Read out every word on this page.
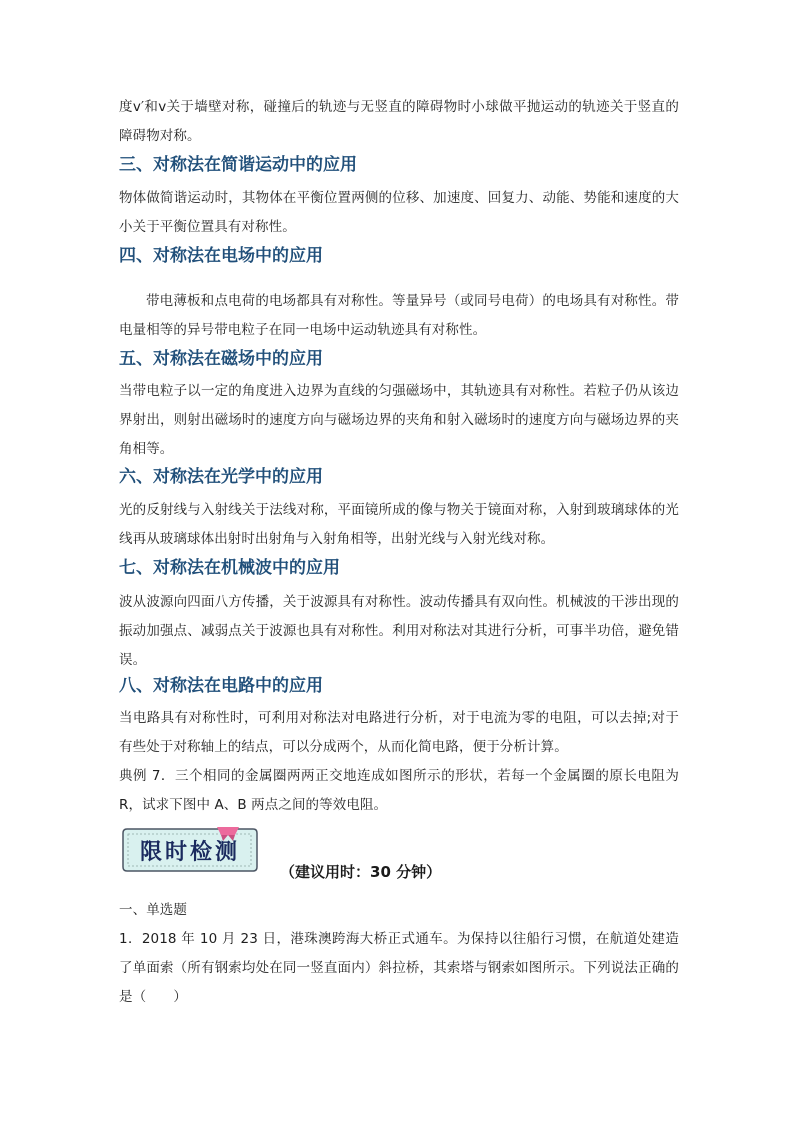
度v′和v关于墙壁对称，碰撞后的轨迹与无竖直的障碍物时小球做平抛运动的轨迹关于竖直的障碍物对称。

三、对称法在简谐运动中的应用

物体做简谐运动时，其物体在平衡位置两侧的位移、加速度、回复力、动能、势能和速度的大小关于平衡位置具有对称性。

四、对称法在电场中的应用

带电薄板和点电荷的电场都具有对称性。等量异号（或同号电荷）的电场具有对称性。带电量相等的异号带电粒子在同一电场中运动轨迹具有对称性。

五、对称法在磁场中的应用

当带电粒子以一定的角度进入边界为直线的匀强磁场中，其轨迹具有对称性。若粒子仍从该边界射出，则射出磁场时的速度方向与磁场边界的夹角和射入磁场时的速度方向与磁场边界的夹角相等。

六、对称法在光学中的应用

光的反射线与入射线关于法线对称，平面镜所成的像与物关于镜面对称，入射到玻璃球体的光线再从玻璃球体出射时出射角与入射角相等，出射光线与入射光线对称。

七、对称法在机械波中的应用

波从波源向四面八方传播，关于波源具有对称性。波动传播具有双向性。机械波的干涉出现的振动加强点、减弱点关于波源也具有对称性。利用对称法对其进行分析，可事半功倍，避免错误。

八、对称法在电路中的应用

当电路具有对称性时，可利用对称法对电路进行分析，对于电流为零的电阻，可以去掉;对于有些处于对称轴上的结点，可以分成两个，从而化简电路，便于分析计算。

典例 7．三个相同的金属圈两两正交地连成如图所示的形状，若每一个金属圈的原长电阻为 R，试求下图中 A、B 两点之间的等效电阻。

限时检测
（建议用时：30 分钟）

一、单选题

1．2018 年 10 月 23 日，港珠澳跨海大桥正式通车。为保持以往船行习惯，在航道处建造了单面索（所有钢索均处在同一竖直面内）斜拉桥，其索塔与钢索如图所示。下列说法正确的是（　　）
